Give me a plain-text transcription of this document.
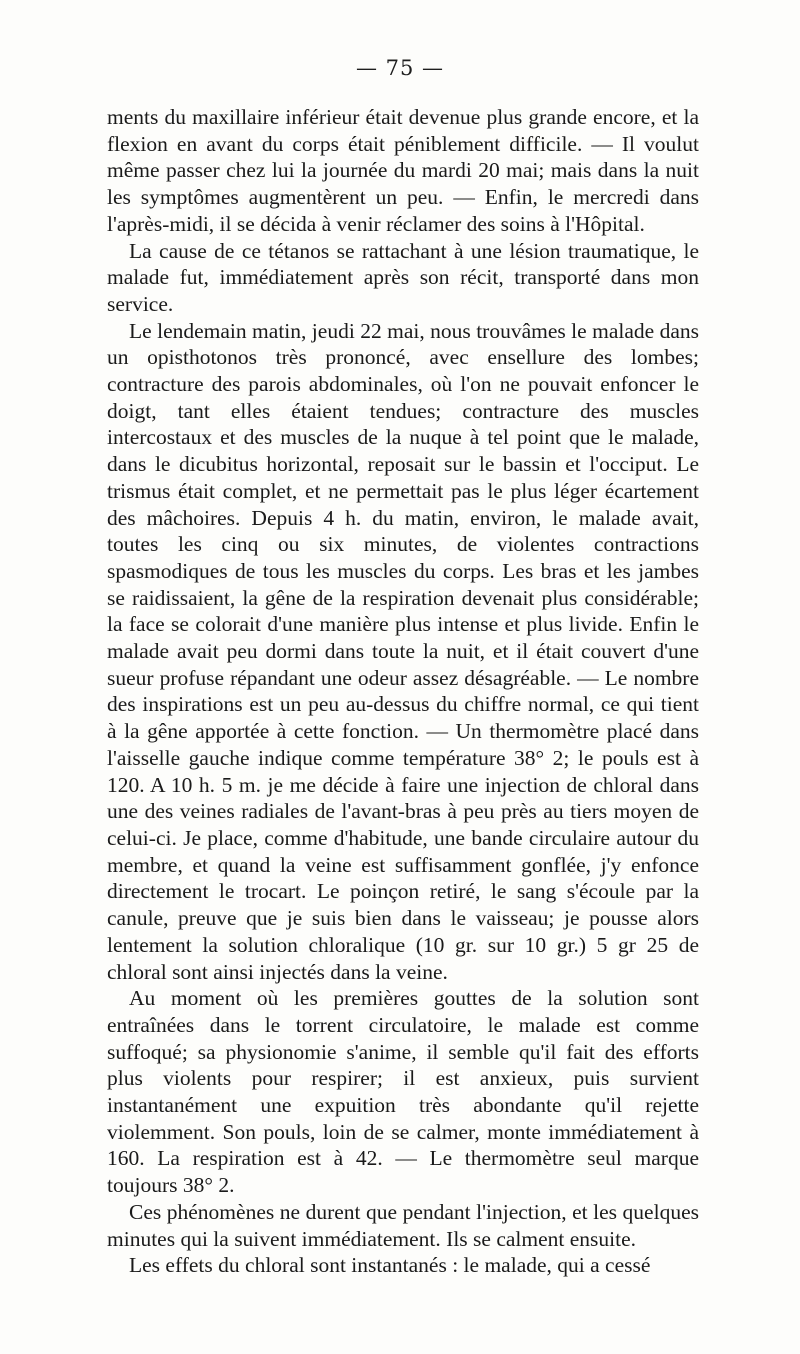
— 75 —

ments du maxillaire inférieur était devenue plus grande encore, et la flexion en avant du corps était péniblement difficile. — Il voulut même passer chez lui la journée du mardi 20 mai; mais dans la nuit les symptômes augmentèrent un peu. — Enfin, le mercredi dans l'après-midi, il se décida à venir réclamer des soins à l'Hôpital.

La cause de ce tétanos se rattachant à une lésion traumatique, le malade fut, immédiatement après son récit, transporté dans mon service.

Le lendemain matin, jeudi 22 mai, nous trouvâmes le malade dans un opisthotonos très prononcé, avec ensellure des lombes; contracture des parois abdominales, où l'on ne pouvait enfoncer le doigt, tant elles étaient tendues; contracture des muscles intercostaux et des muscles de la nuque à tel point que le malade, dans le dicubitus horizontal, reposait sur le bassin et l'occiput. Le trismus était complet, et ne permettait pas le plus léger écartement des mâchoires. Depuis 4 h. du matin, environ, le malade avait, toutes les cinq ou six minutes, de violentes contractions spasmodiques de tous les muscles du corps. Les bras et les jambes se raidissaient, la gêne de la respiration devenait plus considérable; la face se colorait d'une manière plus intense et plus livide. Enfin le malade avait peu dormi dans toute la nuit, et il était couvert d'une sueur profuse répandant une odeur assez désagréable. — Le nombre des inspirations est un peu au-dessus du chiffre normal, ce qui tient à la gêne apportée à cette fonction. — Un thermomètre placé dans l'aisselle gauche indique comme température 38° 2; le pouls est à 120. A 10 h. 5 m. je me décide à faire une injection de chloral dans une des veines radiales de l'avant-bras à peu près au tiers moyen de celui-ci. Je place, comme d'habitude, une bande circulaire autour du membre, et quand la veine est suffisamment gonflée, j'y enfonce directement le trocart. Le poinçon retiré, le sang s'écoule par la canule, preuve que je suis bien dans le vaisseau; je pousse alors lentement la solution chloralique (10 gr. sur 10 gr.) 5 gr 25 de chloral sont ainsi injectés dans la veine.

Au moment où les premières gouttes de la solution sont entraînées dans le torrent circulatoire, le malade est comme suffoqué; sa physionomie s'anime, il semble qu'il fait des efforts plus violents pour respirer; il est anxieux, puis survient instantanément une expuition très abondante qu'il rejette violemment. Son pouls, loin de se calmer, monte immédiatement à 160. La respiration est à 42. — Le thermomètre seul marque toujours 38° 2.

Ces phénomènes ne durent que pendant l'injection, et les quelques minutes qui la suivent immédiatement. Ils se calment ensuite.

Les effets du chloral sont instantanés : le malade, qui a cessé
